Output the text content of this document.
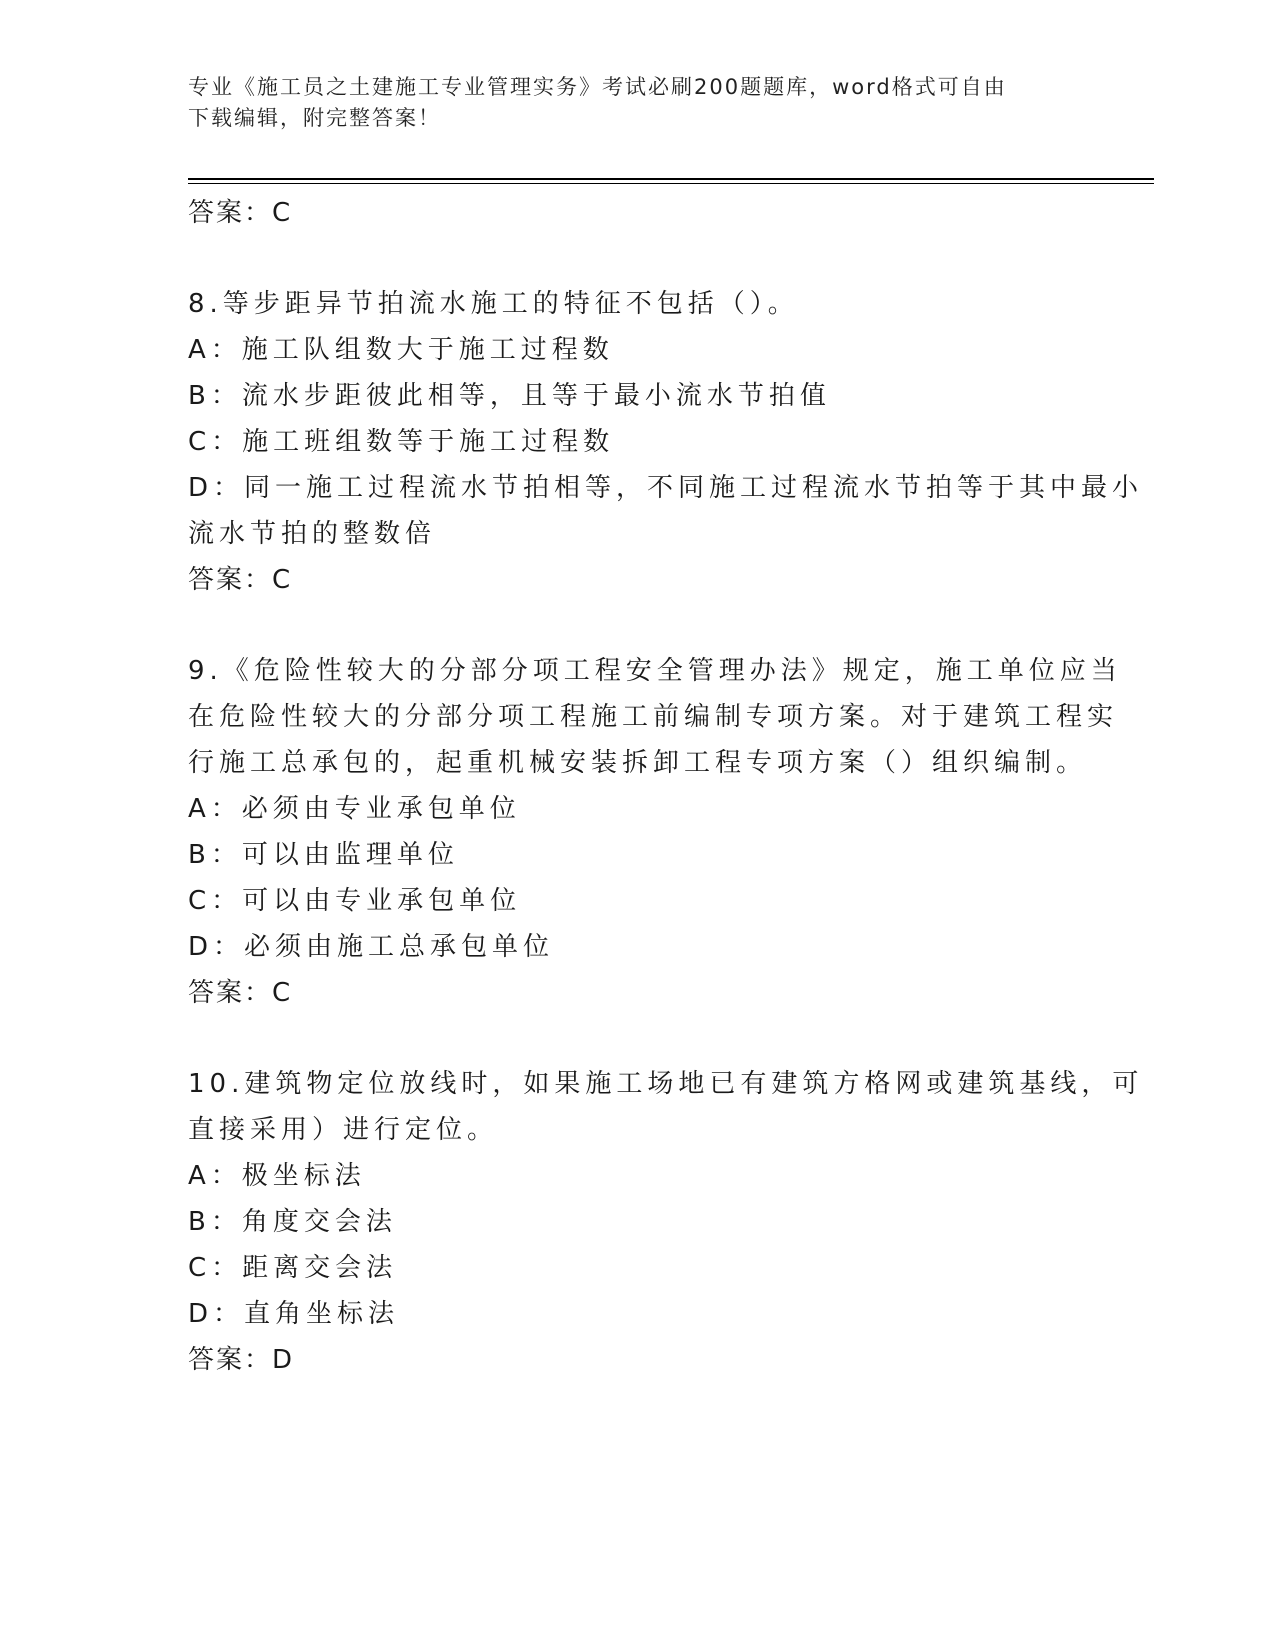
专业《施工员之土建施工专业管理实务》考试必刷200题题库，word格式可自由
下载编辑，附完整答案！
答案：C
8.等步距异节拍流水施工的特征不包括（）。
A：施工队组数大于施工过程数
B：流水步距彼此相等，且等于最小流水节拍值
C：施工班组数等于施工过程数
D：同一施工过程流水节拍相等，不同施工过程流水节拍等于其中最小
流水节拍的整数倍
答案：C
9.《危险性较大的分部分项工程安全管理办法》规定，施工单位应当
在危险性较大的分部分项工程施工前编制专项方案。对于建筑工程实
行施工总承包的，起重机械安装拆卸工程专项方案（）组织编制。
A：必须由专业承包单位
B：可以由监理单位
C：可以由专业承包单位
D：必须由施工总承包单位
答案：C
10.建筑物定位放线时，如果施工场地已有建筑方格网或建筑基线，可
直接采用）进行定位。
A：极坐标法
B：角度交会法
C：距离交会法
D：直角坐标法
答案：D
